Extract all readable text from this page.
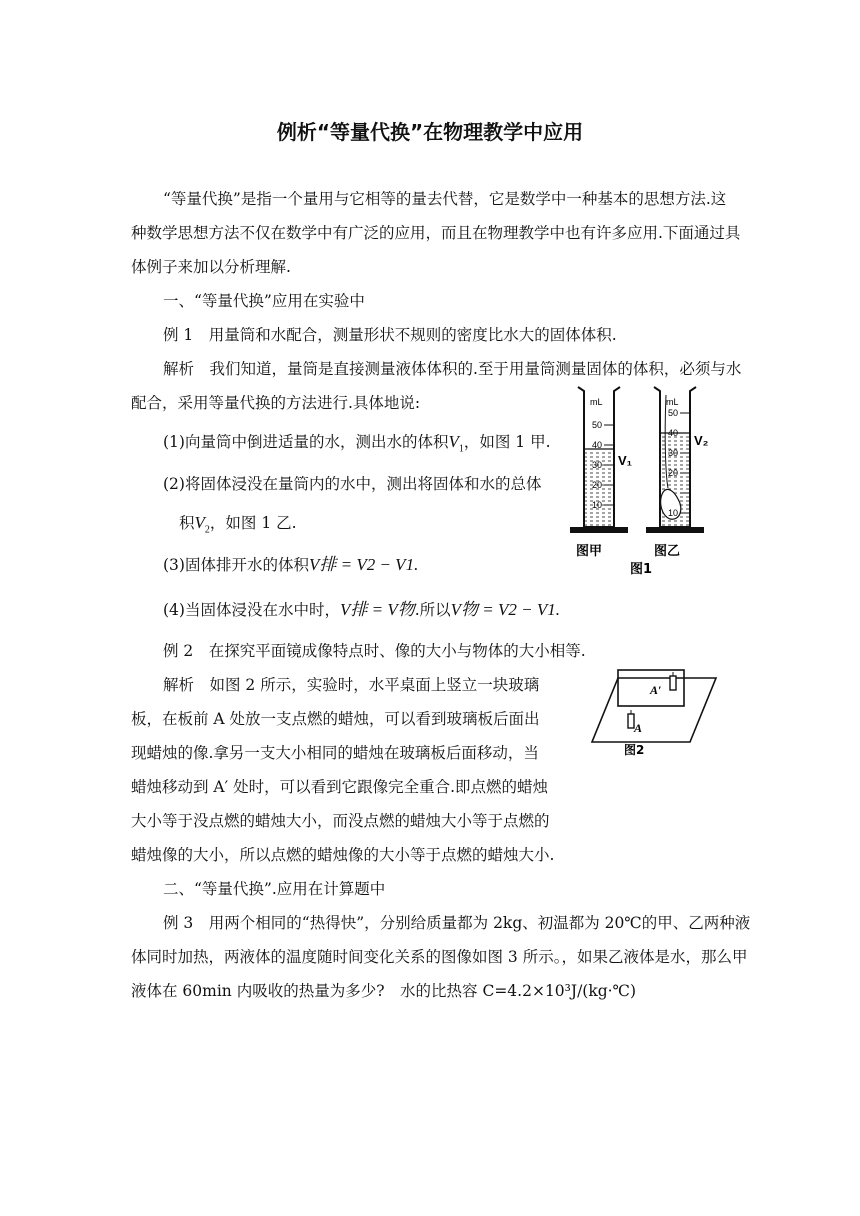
例析“等量代换”在物理教学中应用
“等量代换”是指一个量用与它相等的量去代替，它是数学中一种基本的思想方法.这
种数学思想方法不仅在数学中有广泛的应用，而且在物理教学中也有许多应用.下面通过具
体例子来加以分析理解.
一、“等量代换”应用在实验中
例 1　用量筒和水配合，测量形状不规则的密度比水大的固体体积.
解析　我们知道，量筒是直接测量液体体积的.至于用量筒测量固体的体积，必须与水
配合，采用等量代换的方法进行.具体地说:
(1)向量筒中倒进适量的水，测出水的体积$V_1$，如图 1 甲.
(2)将固体浸没在量筒内的水中，测出将固体和水的总体
积$V_2$，如图 1 乙.
(3)固体排开水的体积V排 = V2 − V1.
(4)当固体浸没在水中时，V排 = V物.所以V物 = V2 − V1.
例 2　在探究平面镜成像特点时、像的大小与物体的大小相等.
解析　如图 2 所示，实验时，水平桌面上竖立一块玻璃
板，在板前 A 处放一支点燃的蜡烛，可以看到玻璃板后面出
现蜡烛的像.拿另一支大小相同的蜡烛在玻璃板后面移动，当
蜡烛移动到 A′ 处时，可以看到它跟像完全重合.即点燃的蜡烛
大小等于没点燃的蜡烛大小，而没点燃的蜡烛大小等于点燃的
蜡烛像的大小，所以点燃的蜡烛像的大小等于点燃的蜡烛大小.
二、“等量代换”.应用在计算题中
例 3　用两个相同的“热得快”，分别给质量都为 2kg、初温都为 20℃的甲、乙两种液
体同时加热，两液体的温度随时间变化关系的图像如图 3 所示。，如果乙液体是水，那么甲
液体在 60min 内吸收的热量为多少?　水的比热容 C=4.2×10³J/(kg·℃)
mL
50
40
30
20
10
V₁
mL
50
40
30
20
10
V₂
图甲	图乙
图1
A′
A
图2
